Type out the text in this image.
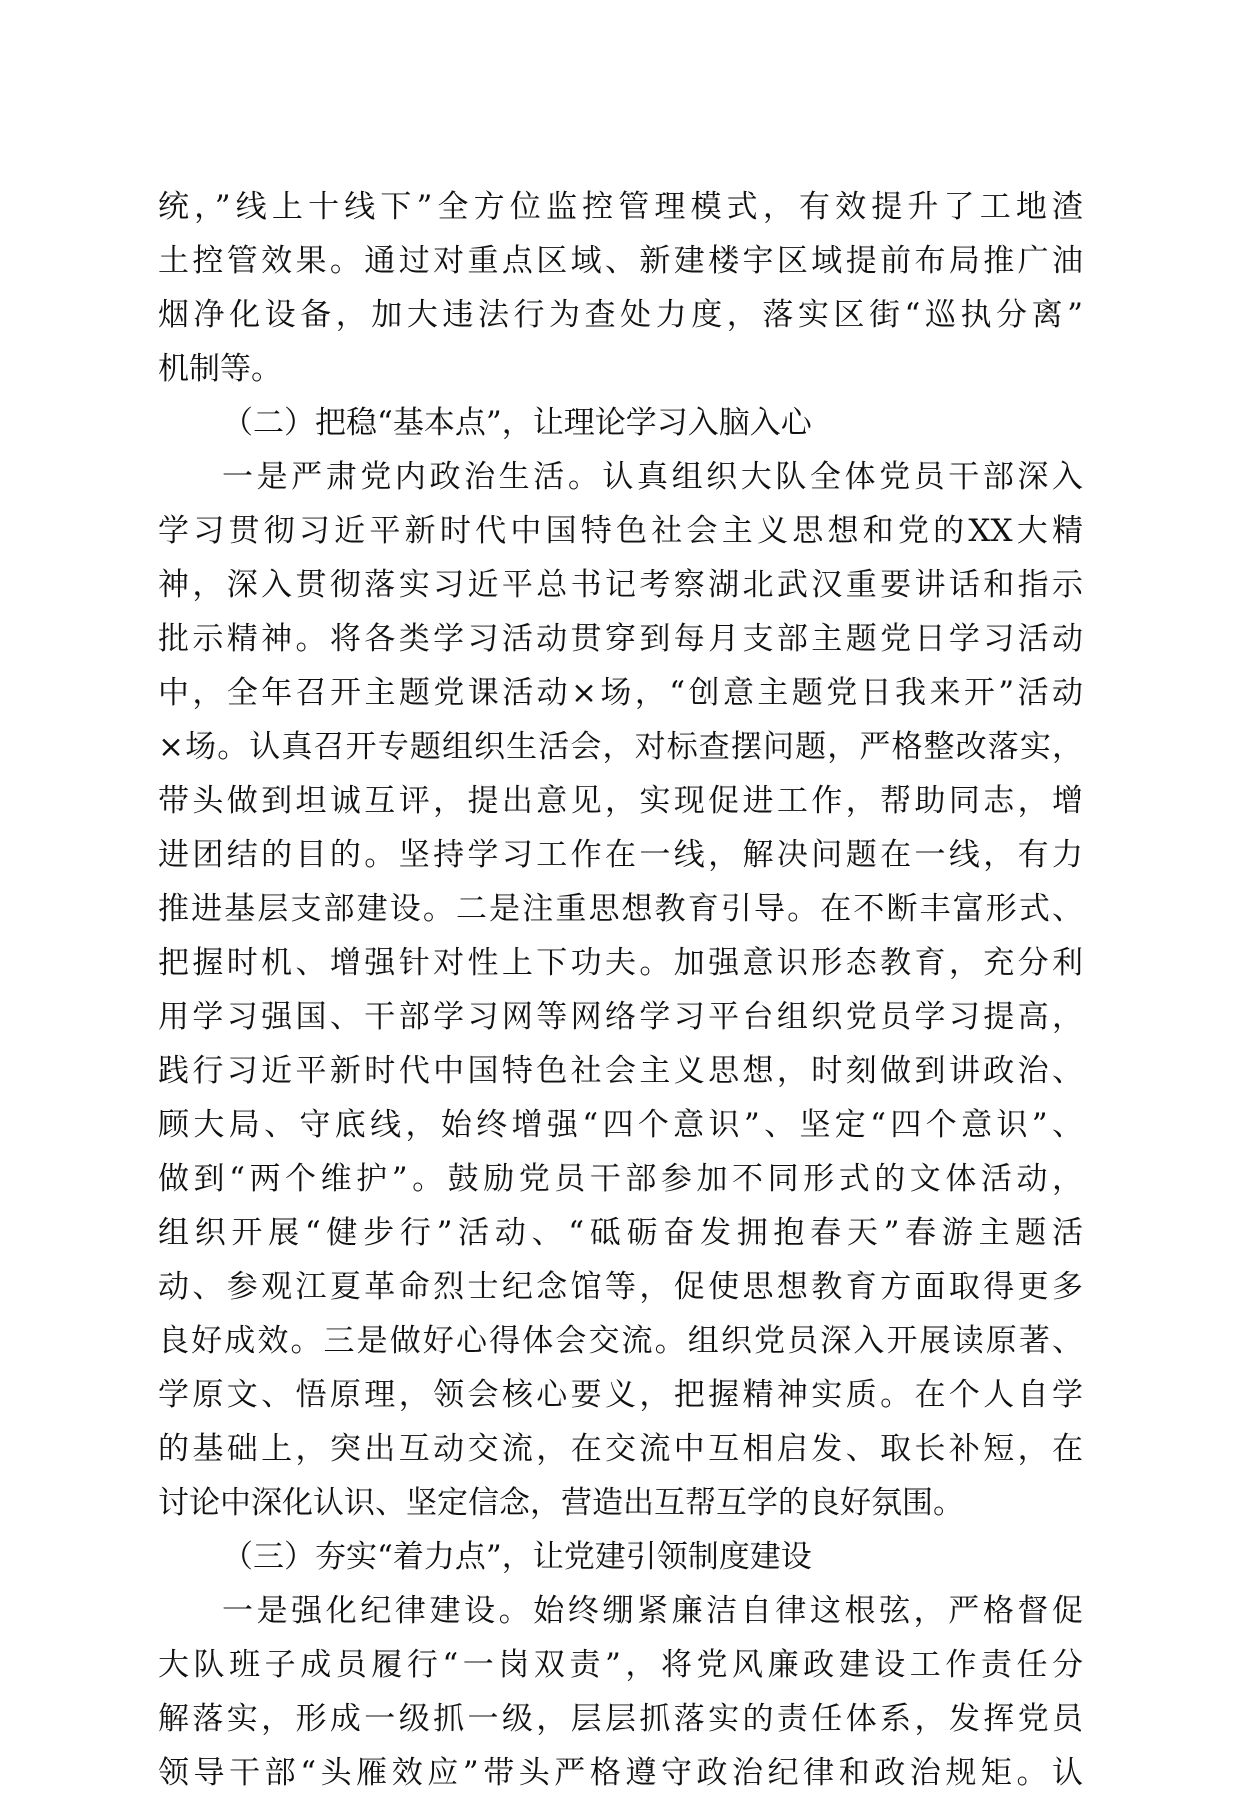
统，”线上十线下”全方位监控管理模式，有效提升了工地渣
土控管效果。通过对重点区域、新建楼宇区域提前布局推广油
烟净化设备，加大违法行为查处力度，落实区街“巡执分离”
机制等。
（二）把稳“基本点”，让理论学习入脑入心
一是严肃党内政治生活。认真组织大队全体党员干部深入
学习贯彻习近平新时代中国特色社会主义思想和党的XX大精
神，深入贯彻落实习近平总书记考察湖北武汉重要讲话和指示
批示精神。将各类学习活动贯穿到每月支部主题党日学习活动
中，全年召开主题党课活动×场，“创意主题党日我来开”活动
×场。认真召开专题组织生活会，对标查摆问题，严格整改落实，
带头做到坦诚互评，提出意见，实现促进工作，帮助同志，增
进团结的目的。坚持学习工作在一线，解决问题在一线，有力
推进基层支部建设。二是注重思想教育引导。在不断丰富形式、
把握时机、增强针对性上下功夫。加强意识形态教育，充分利
用学习强国、干部学习网等网络学习平台组织党员学习提高，
践行习近平新时代中国特色社会主义思想，时刻做到讲政治、
顾大局、守底线，始终增强“四个意识”、坚定“四个意识”、
做到“两个维护”。鼓励党员干部参加不同形式的文体活动，
组织开展“健步行”活动、“砥砺奋发拥抱春天”春游主题活
动、参观江夏革命烈士纪念馆等，促使思想教育方面取得更多
良好成效。三是做好心得体会交流。组织党员深入开展读原著、
学原文、悟原理，领会核心要义，把握精神实质。在个人自学
的基础上，突出互动交流，在交流中互相启发、取长补短，在
讨论中深化认识、坚定信念，营造出互帮互学的良好氛围。
（三）夯实“着力点”，让党建引领制度建设
一是强化纪律建设。始终绷紧廉洁自律这根弦，严格督促
大队班子成员履行“一岗双责”，将党风廉政建设工作责任分
解落实，形成一级抓一级，层层抓落实的责任体系，发挥党员
领导干部“头雁效应”带头严格遵守政治纪律和政治规矩。认
